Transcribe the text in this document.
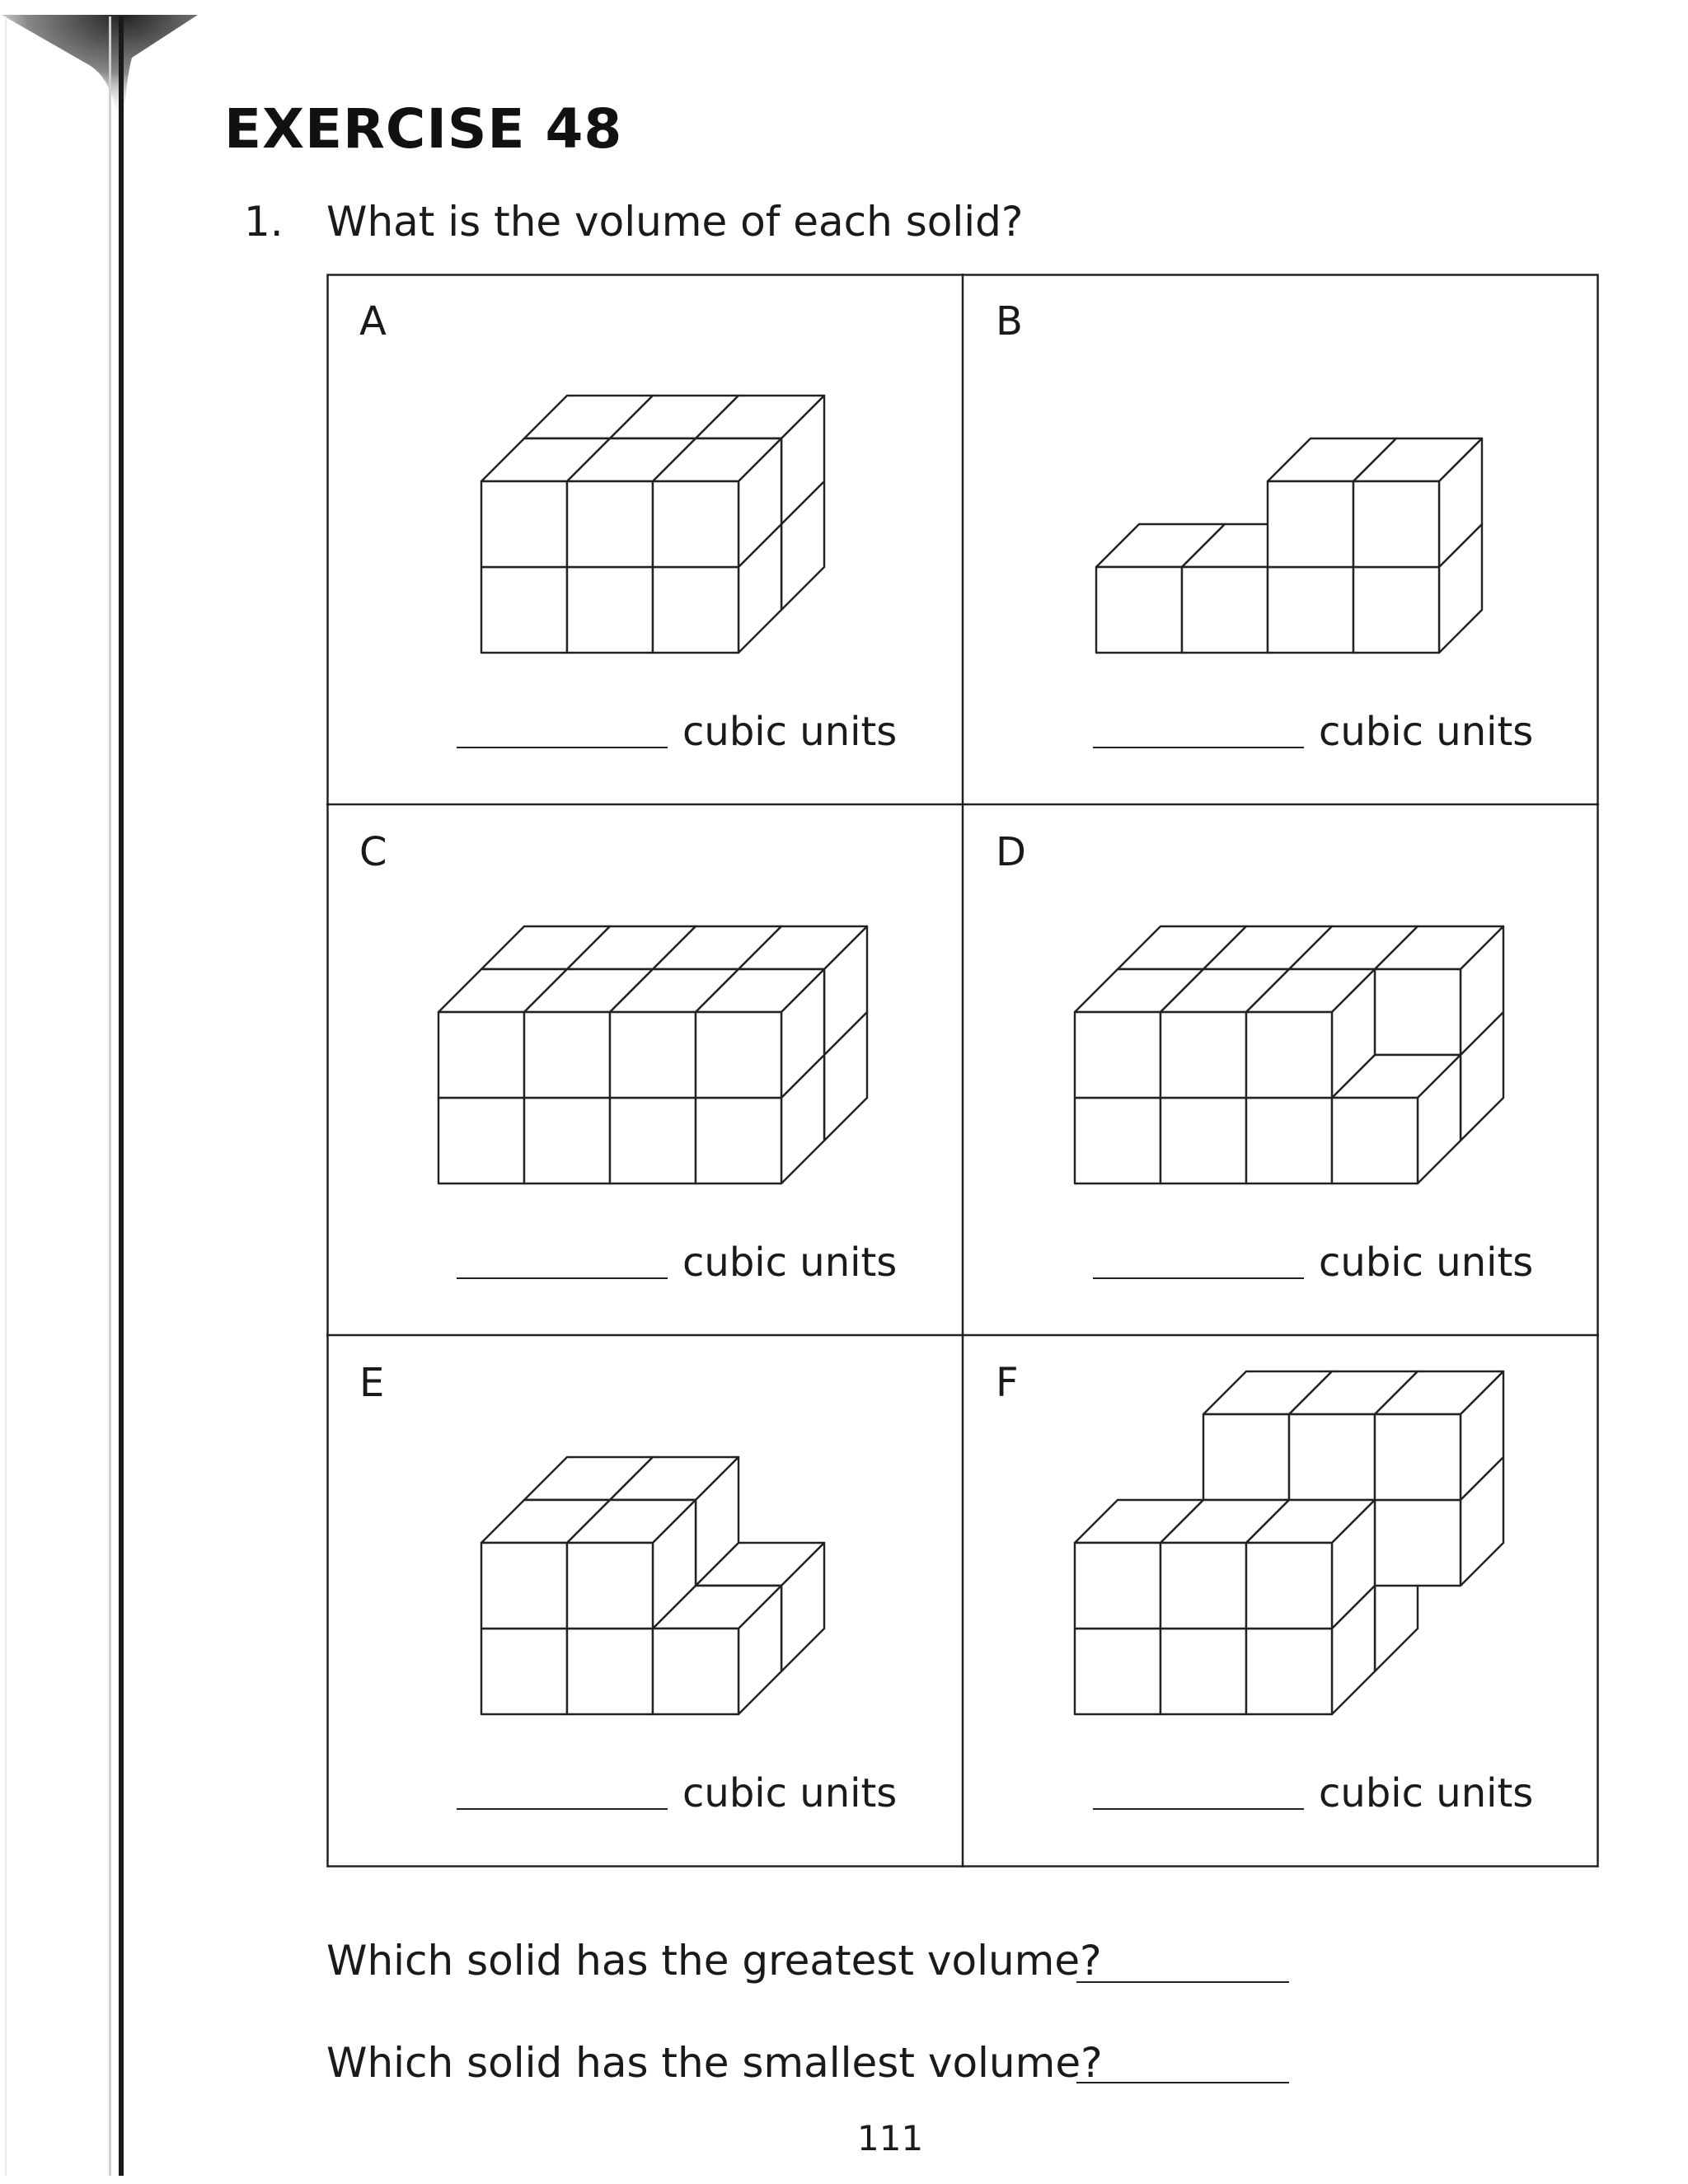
EXERCISE 48
1. What is the volume of each solid?
A
cubic units
B
cubic units
C
cubic units
D
cubic units
E
cubic units
F
cubic units
Which solid has the greatest volume?
Which solid has the smallest volume?
111
